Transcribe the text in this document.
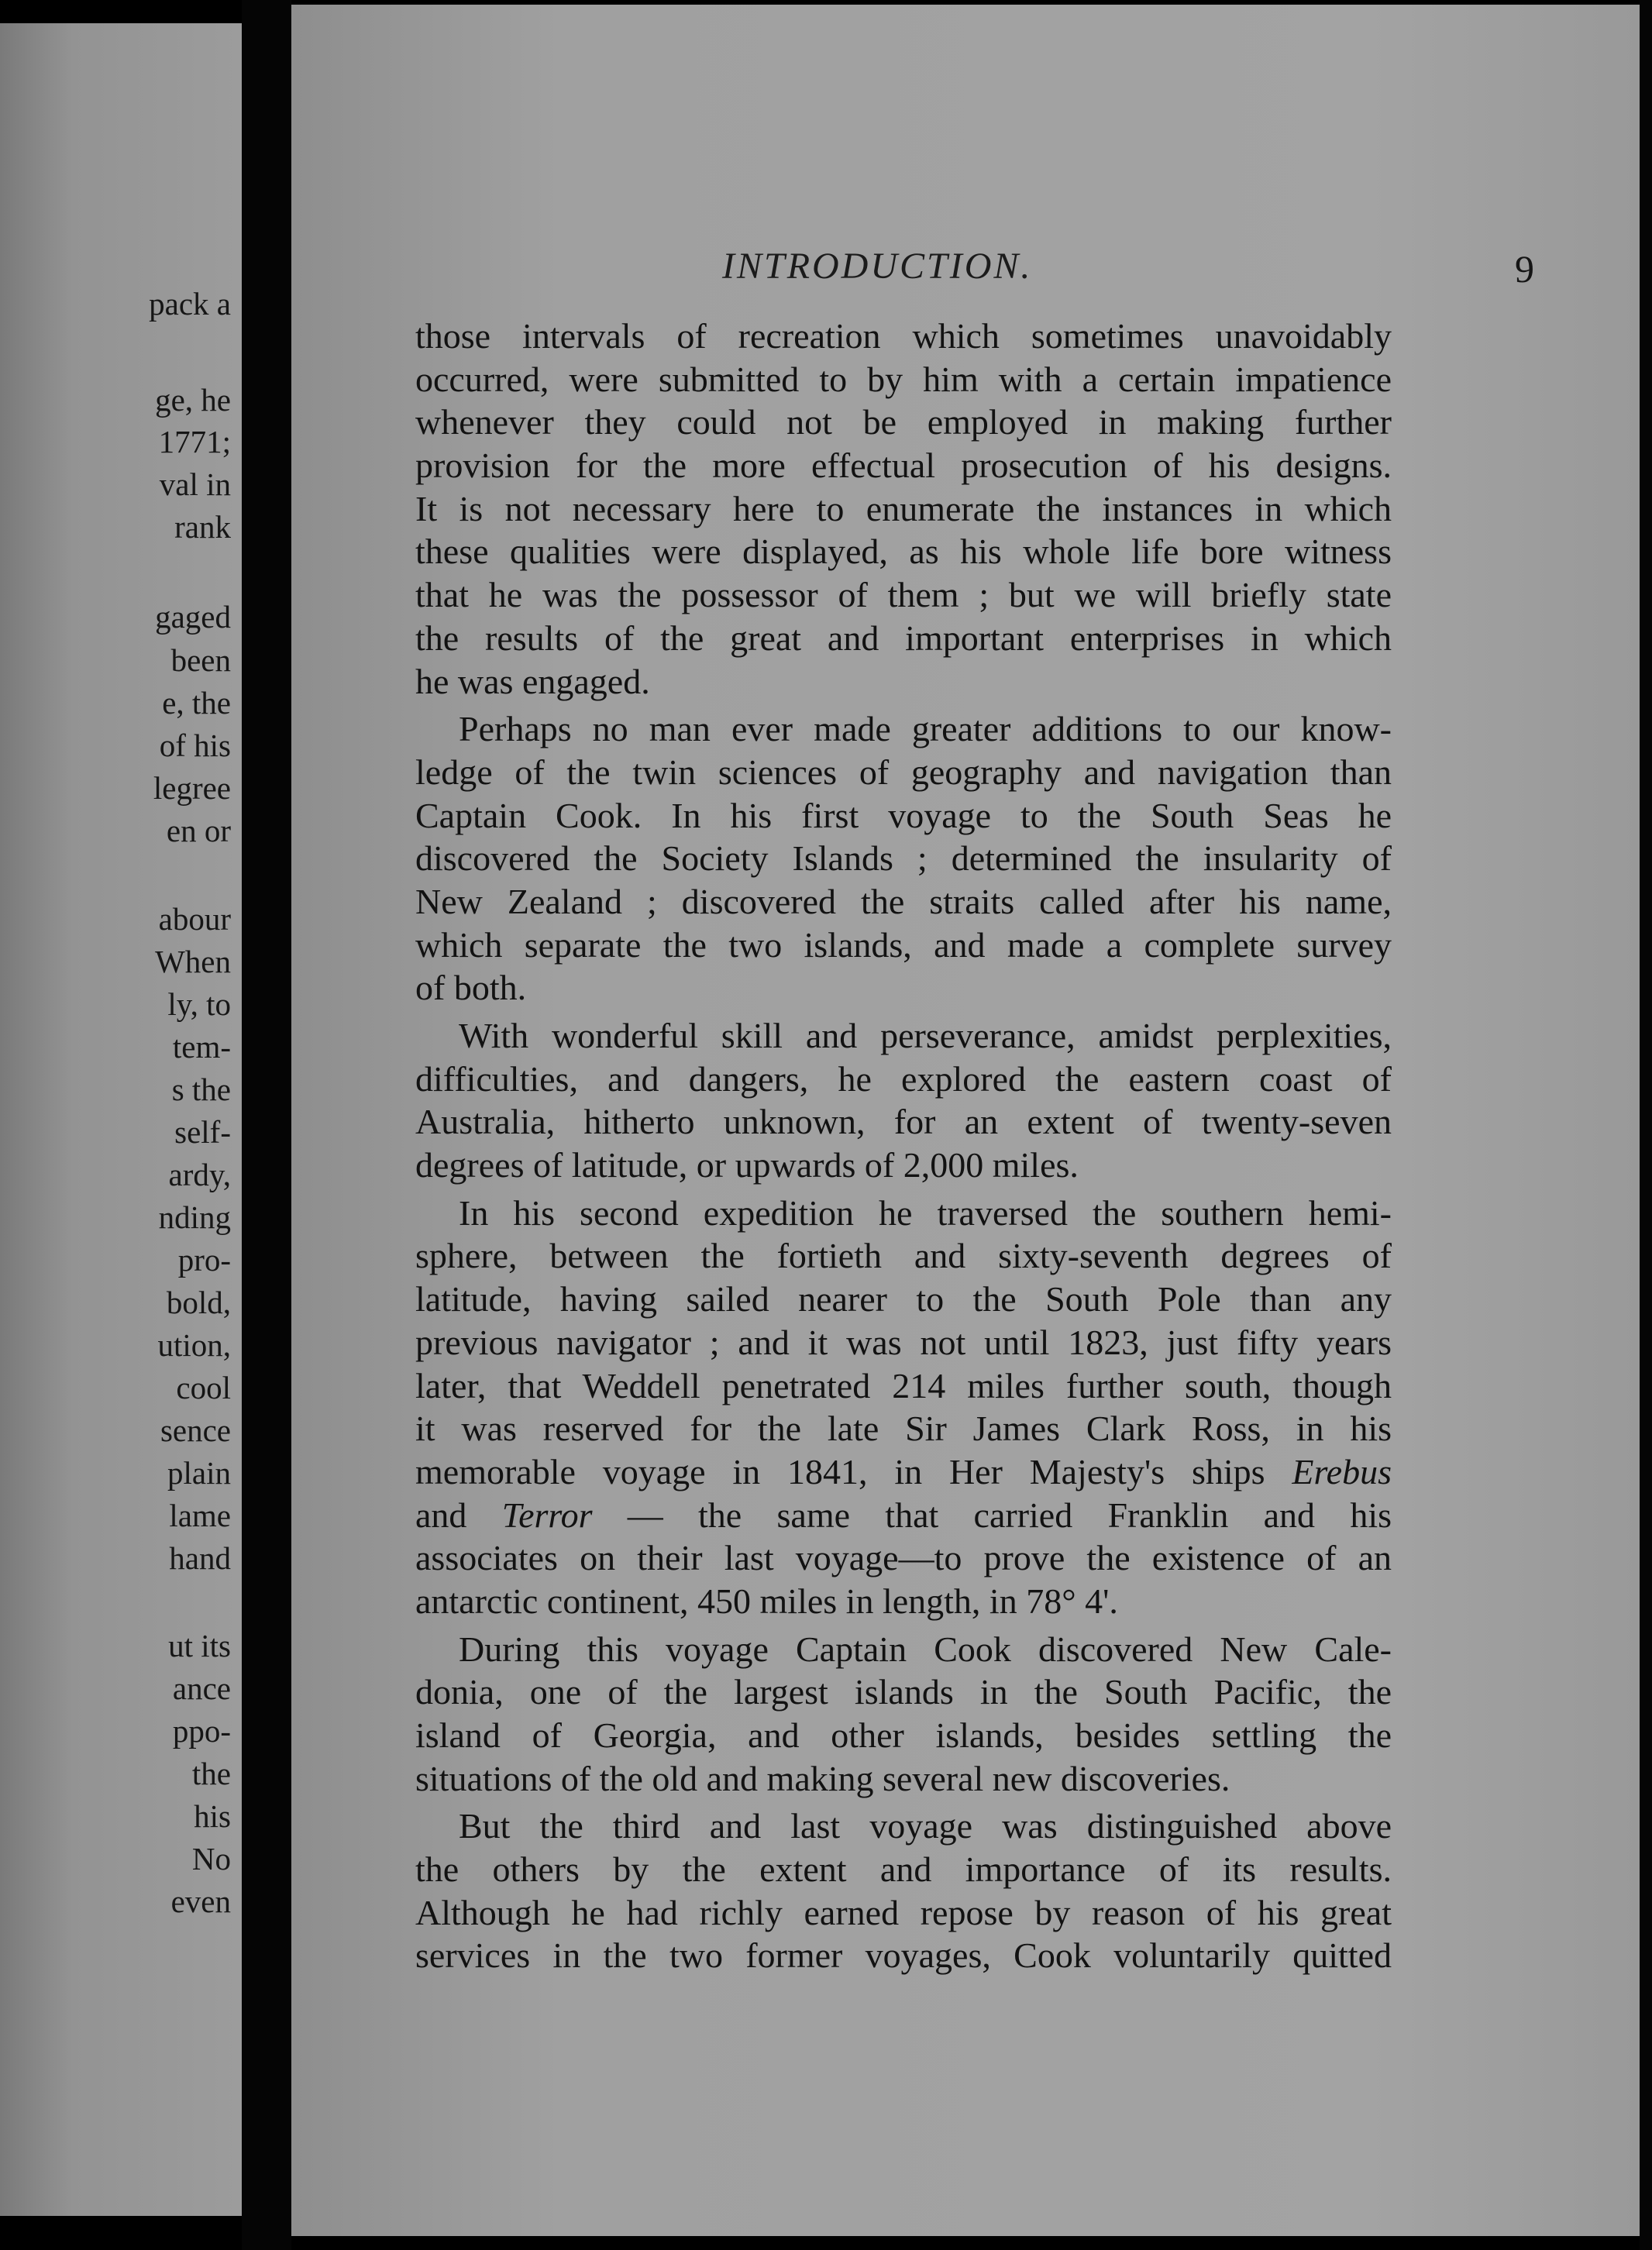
pack a
ge, he
1771;
val in
rank
gaged
been
e, the
of his
legree
en or
abour
When
ly, to
tem-
s the
self-
ardy,
nding
pro-
bold,
ution,
cool
sence
plain
lame
hand
ut its
ance
ppo-
the
his
No
even
INTRODUCTION.	9
those intervals of recreation which sometimes unavoidably
occurred, were submitted to by him with a certain impatience
whenever they could not be employed in making further
provision for the more effectual prosecution of his designs.
It is not necessary here to enumerate the instances in which
these qualities were displayed, as his whole life bore witness
that he was the possessor of them ; but we will briefly state
the results of the great and important enterprises in which
he was engaged.
Perhaps no man ever made greater additions to our know-
ledge of the twin sciences of geography and navigation than
Captain Cook. In his first voyage to the South Seas he
discovered the Society Islands ; determined the insularity of
New Zealand ; discovered the straits called after his name,
which separate the two islands, and made a complete survey
of both.
With wonderful skill and perseverance, amidst perplexities,
difficulties, and dangers, he explored the eastern coast of
Australia, hitherto unknown, for an extent of twenty-seven
degrees of latitude, or upwards of 2,000 miles.
In his second expedition he traversed the southern hemi-
sphere, between the fortieth and sixty-seventh degrees of
latitude, having sailed nearer to the South Pole than any
previous navigator ; and it was not until 1823, just fifty years
later, that Weddell penetrated 214 miles further south, though
it was reserved for the late Sir James Clark Ross, in his
memorable voyage in 1841, in Her Majesty's ships Erebus
and Terror — the same that carried Franklin and his
associates on their last voyage—to prove the existence of an
antarctic continent, 450 miles in length, in 78° 4'.
During this voyage Captain Cook discovered New Cale-
donia, one of the largest islands in the South Pacific, the
island of Georgia, and other islands, besides settling the
situations of the old and making several new discoveries.
But the third and last voyage was distinguished above
the others by the extent and importance of its results.
Although he had richly earned repose by reason of his great
services in the two former voyages, Cook voluntarily quitted
